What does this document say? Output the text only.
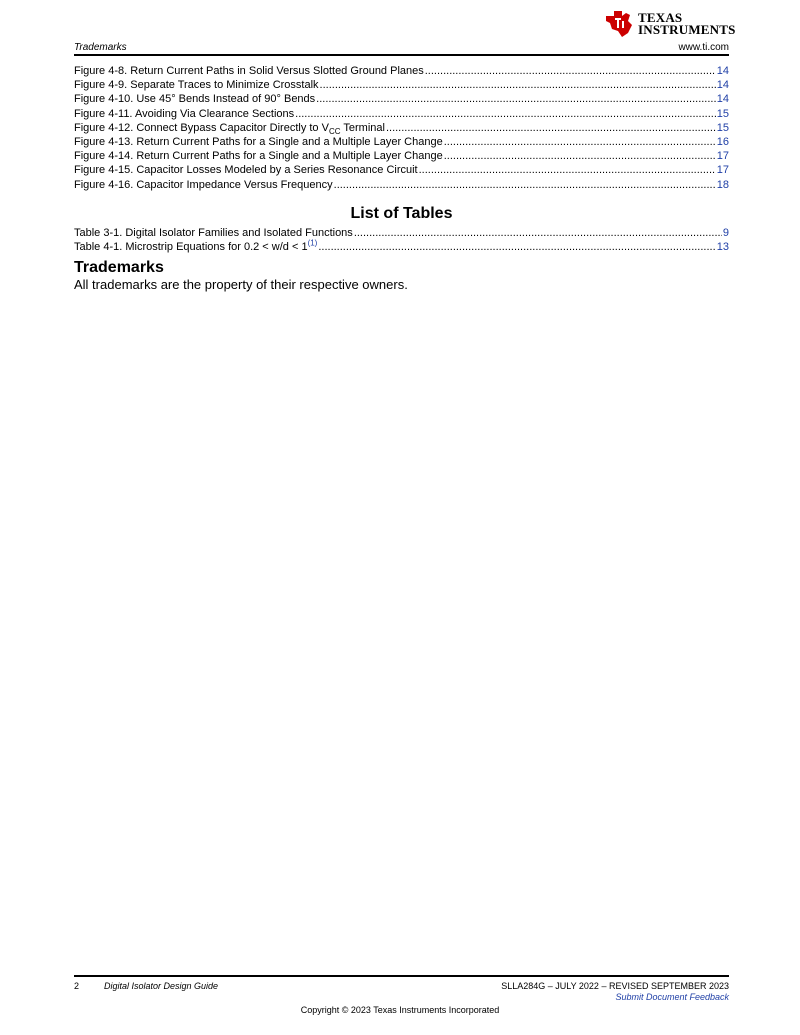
TEXAS
INSTRUMENTS
Trademarks	www.ti.com
Figure 4-8. Return Current Paths in Solid Versus Slotted Ground Planes .....	14
Figure 4-9. Separate Traces to Minimize Crosstalk .....	14
Figure 4-10. Use 45° Bends Instead of 90° Bends .....	14
Figure 4-11. Avoiding Via Clearance Sections .....	15
Figure 4-12. Connect Bypass Capacitor Directly to $V_{CC}$ Terminal .....	15
Figure 4-13. Return Current Paths for a Single and a Multiple Layer Change .....	16
Figure 4-14. Return Current Paths for a Single and a Multiple Layer Change .....	17
Figure 4-15. Capacitor Losses Modeled by a Series Resonance Circuit .....	17
Figure 4-16. Capacitor Impedance Versus Frequency .....	18
List of Tables
Table 3-1. Digital Isolator Families and Isolated Functions .....	9
Table 4-1. Microstrip Equations for $0.2 < w/d < 1^{(1)}$ .....	13
Trademarks
All trademarks are the property of their respective owners.
2	Digital Isolator Design Guide	SLLA284G – JULY 2022 – REVISED SEPTEMBER 2023
Submit Document Feedback
Copyright © 2023 Texas Instruments Incorporated
